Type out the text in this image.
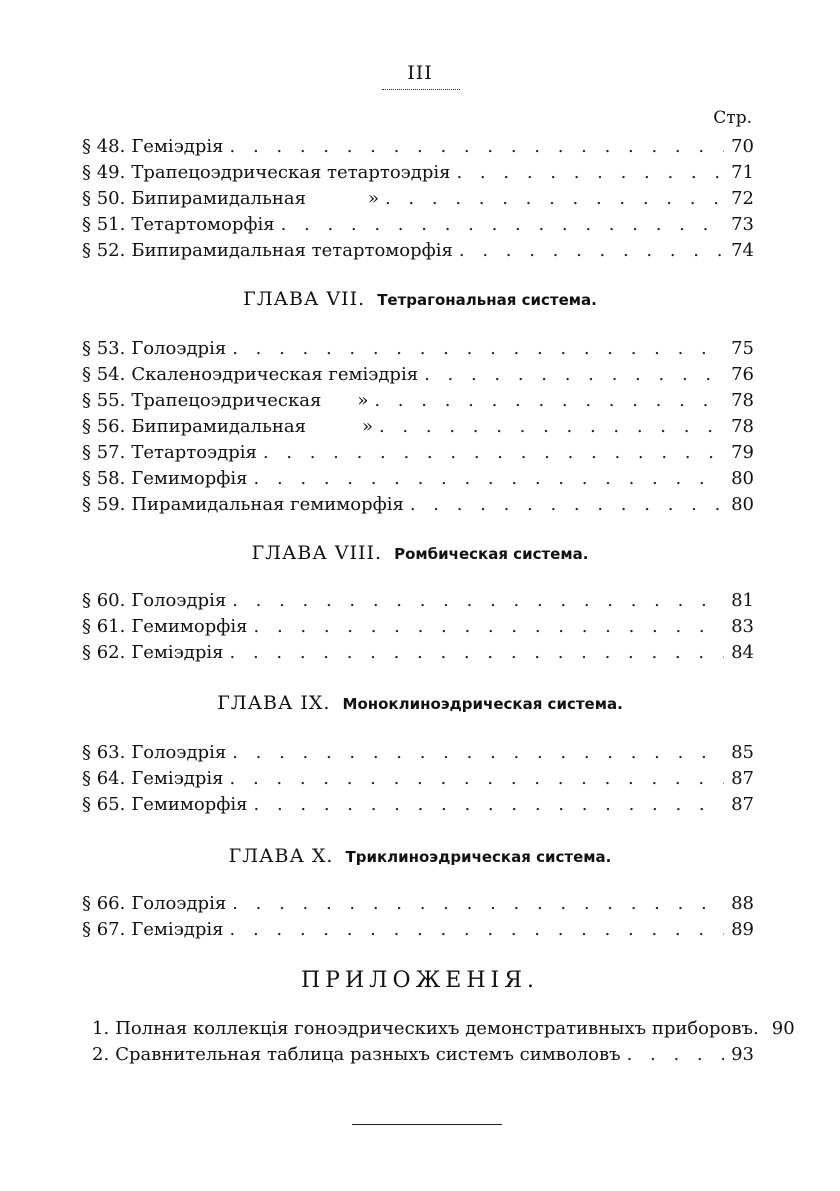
III
Стр.
§ 48. Геміэдрія . . .	70
§ 49. Трапецоэдрическая тетартоэдрія . . .	71
§ 50. Бипирамидальная	» . . .	72
§ 51. Тетартоморфія . . .	73
§ 52. Бипирамидальная тетартоморфія . . .	74
ГЛАВА VII. Тетрагональная система.
§ 53. Голоэдрія . . .	75
§ 54. Скаленоэдрическая геміэдрія . . .	76
§ 55. Трапецоэдрическая	» . . .	78
§ 56. Бипирамидальная	» . . .	78
§ 57. Тетартоэдрія . . .	79
§ 58. Гемиморфія . . .	80
§ 59. Пирамидальная гемиморфія . . .	80
ГЛАВА VIII. Ромбическая система.
§ 60. Голоэдрія . . .	81
§ 61. Гемиморфія . . .	83
§ 62. Геміэдрія . . .	84
ГЛАВА IX. Моноклиноэдрическая система.
§ 63. Голоэдрія . . .	85
§ 64. Геміэдрія . . .	87
§ 65. Гемиморфія . . .	87
ГЛАВА X. Триклиноэдрическая система.
§ 66. Голоэдрія . . .	88
§ 67. Геміэдрія . . .	89
ПРИЛОЖЕНІЯ.
1. Полная коллекція гоноэдрическихъ демонстративныхъ приборовъ. 90
2. Сравнительная таблица разныхъ системъ символовъ . . .	93
